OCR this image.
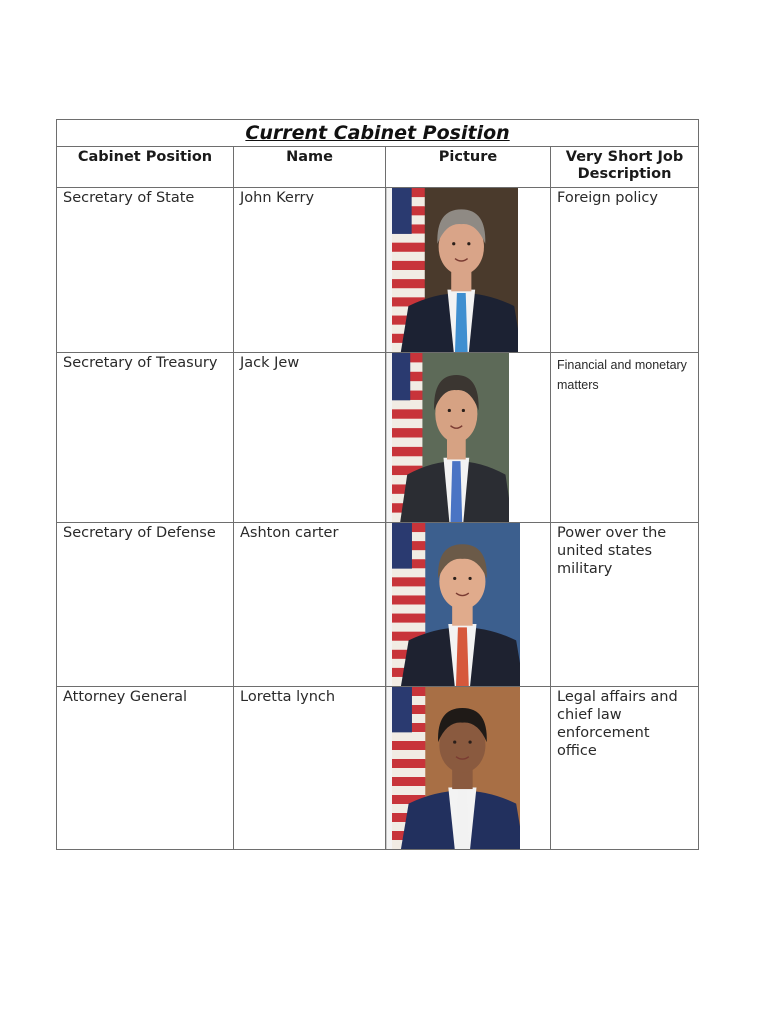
Current Cabinet Position			
Cabinet Position	Name	Picture	Very Short Job Description

Secretary of State	John Kerry		Foreign policy

Secretary of Treasury	Jack Jew		Financial and monetary matters

Secretary of Defense	Ashton carter		Power over the united states military

Attorney General	Loretta lynch		Legal affairs and chief law enforcement office
